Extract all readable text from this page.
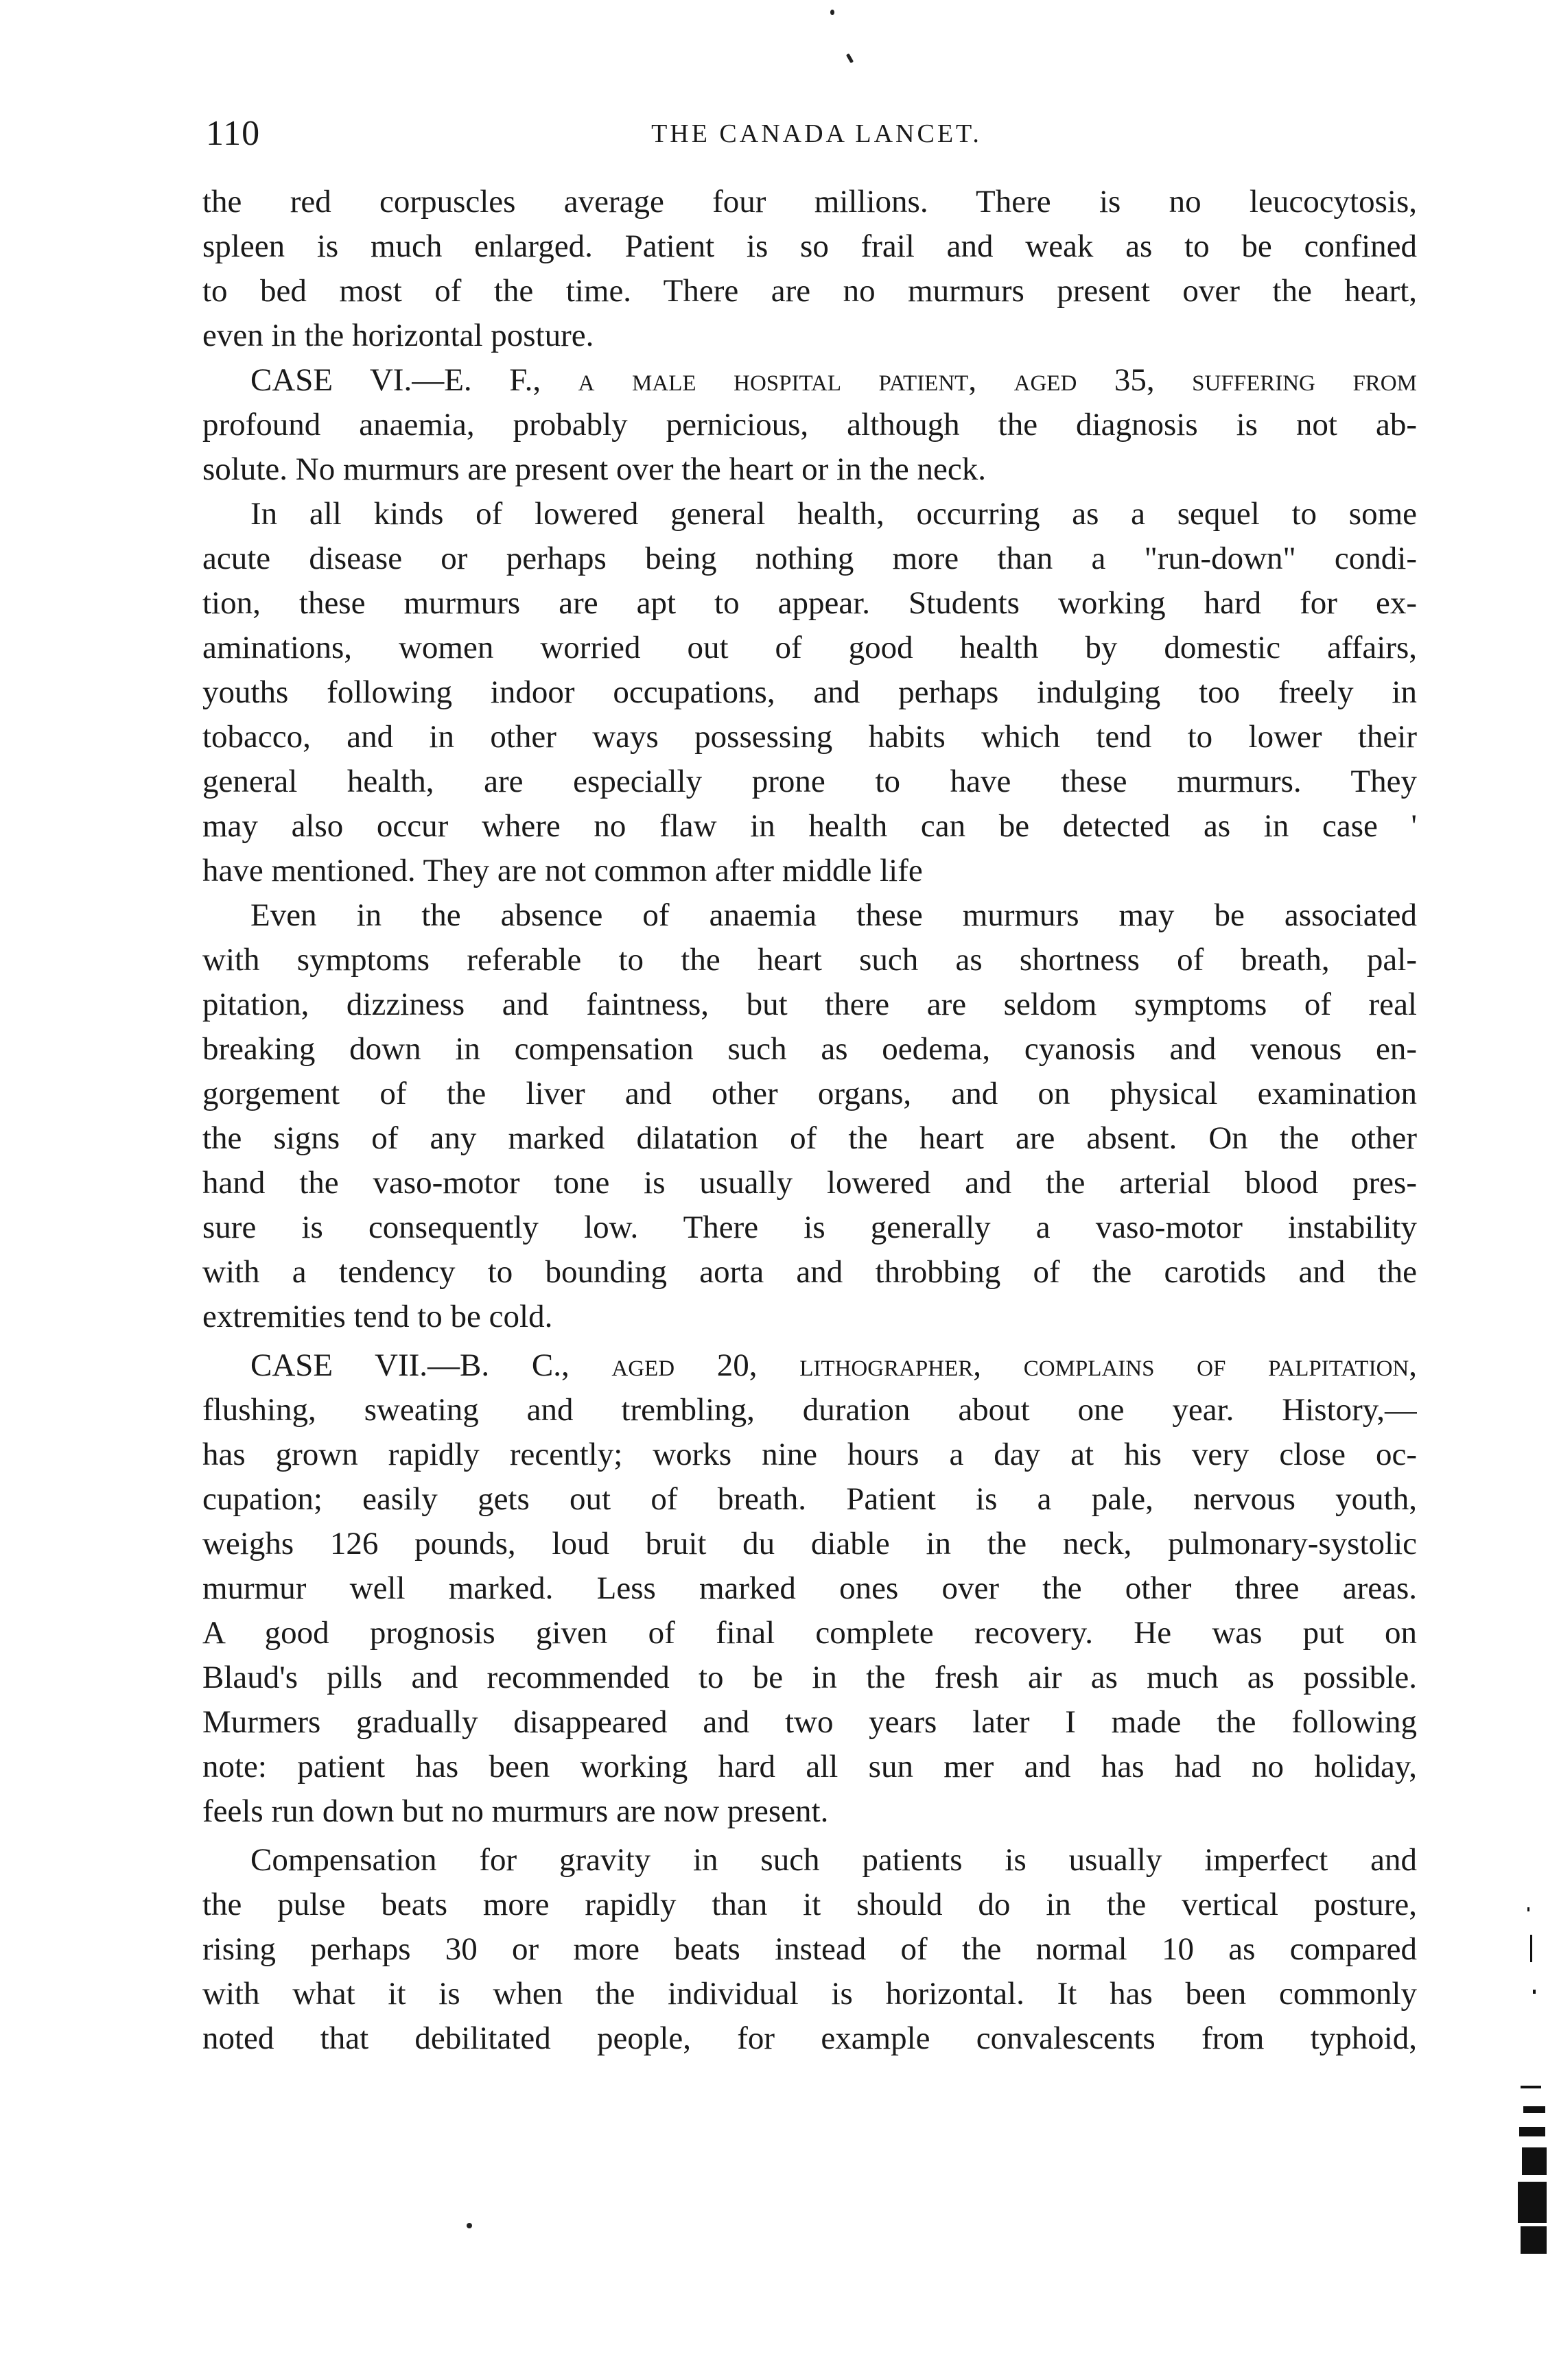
110	THE CANADA LANCET.
the red corpuscles average four millions. There is no leucocytosis,
spleen is much enlarged. Patient is so frail and weak as to be confined
to bed most of the time. There are no murmurs present over the heart,
even in the horizontal posture.
CASE VI.—E. F., a male hospital patient, aged 35, suffering from
profound anaemia, probably pernicious, although the diagnosis is not ab-
solute. No murmurs are present over the heart or in the neck.
In all kinds of lowered general health, occurring as a sequel to some
acute disease or perhaps being nothing more than a "run-down" condi-
tion, these murmurs are apt to appear. Students working hard for ex-
aminations, women worried out of good health by domestic affairs,
youths following indoor occupations, and perhaps indulging too freely in
tobacco, and in other ways possessing habits which tend to lower their
general health, are especially prone to have these murmurs. They
may also occur where no flaw in health can be detected as in case '
have mentioned. They are not common after middle life
Even in the absence of anaemia these murmurs may be associated
with symptoms referable to the heart such as shortness of breath, pal-
pitation, dizziness and faintness, but there are seldom symptoms of real
breaking down in compensation such as oedema, cyanosis and venous en-
gorgement of the liver and other organs, and on physical examination
the signs of any marked dilatation of the heart are absent. On the other
hand the vaso-motor tone is usually lowered and the arterial blood pres-
sure is consequently low. There is generally a vaso-motor instability
with a tendency to bounding aorta and throbbing of the carotids and the
extremities tend to be cold.
CASE VII.—B. C., aged 20, lithographer, complains of palpitation,
flushing, sweating and trembling, duration about one year. History,—
has grown rapidly recently; works nine hours a day at his very close oc-
cupation; easily gets out of breath. Patient is a pale, nervous youth,
weighs 126 pounds, loud bruit du diable in the neck, pulmonary-systolic
murmur well marked. Less marked ones over the other three areas.
A good prognosis given of final complete recovery. He was put on
Blaud's pills and recommended to be in the fresh air as much as possible.
Murmers gradually disappeared and two years later I made the following
note: patient has been working hard all sun mer and has had no holiday,
feels run down but no murmurs are now present.
Compensation for gravity in such patients is usually imperfect and
the pulse beats more rapidly than it should do in the vertical posture,
rising perhaps 30 or more beats instead of the normal 10 as compared
with what it is when the individual is horizontal. It has been commonly
noted that debilitated people, for example convalescents from typhoid,
